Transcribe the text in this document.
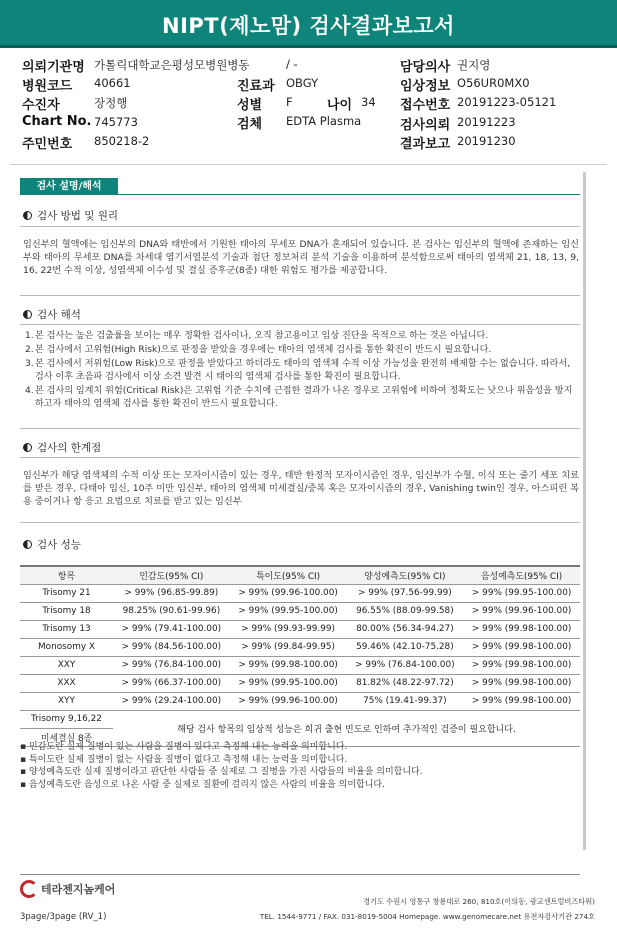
NIPT(제노맘) 검사결과보고서
의뢰기관명 가톨릭대학교은평성모병원병동	/ -	담당의사 권지영
병원코드 40661	진료과 OBGY	임상정보 O56UR0MX0
수진자	장정행	성별 F	나이 34 접수번호 20191223-05121
Chart No. 745773	검체 EDTA Plasma	검사의뢰 20191223
주민번호 850218-2	결과보고 20191230
검사 설명/해석
검사 방법 및 원리
임신부의 혈액에는 임신부의 DNA와 태반에서 기원한 태아의 무세포 DNA가 혼재되어 있습니다. 본 검사는 임신부의 혈액에 존재하는 임신부와 태아의 무세포 DNA를 차세대 염기서열분석 기술과 첨단 정보처리 분석 기술을 이용하여 분석함으로써 태아의 염색체 21, 18, 13, 9, 16, 22번 수적 이상, 성염색체 이수성 및 결실 증후군(8종) 대한 위험도 평가를 제공합니다.
검사 해석
1. 본 검사는 높은 검출률을 보이는 매우 정확한 검사이나, 오직 참고용이고 임상 진단을 목적으로 하는 것은 아닙니다.
2. 본 검사에서 고위험(High Risk)으로 판정을 받았을 경우에는 태아의 염색체 검사를 통한 확진이 반드시 필요합니다.
3. 본 검사에서 저위험(Low Risk)으로 판정을 받았다고 하더라도 태아의 염색체 수적 이상 가능성을 완전히 배제할 수는 없습니다. 따라서, 검사 이후 초음파 검사에서 이상 소견 발견 시 태아의 염색체 검사를 통한 확진이 필요합니다.
4. 본 검사의 임계치 위험(Critical Risk)은 고위험 기준 수치에 근접한 결과가 나온 경우로 고위험에 비하여 정확도는 낮으나 위음성을 방지하고자 태아의 염색체 검사를 통한 확진이 반드시 필요합니다.
검사의 한계점
임신부가 해당 염색체의 수적 이상 또는 모자이시즘이 있는 경우, 태반 한정적 모자이시즘인 경우, 임신부가 수혈, 이식 또는 줄기 세포 치료를 받은 경우, 다태아 임신, 10주 미만 임신부, 태아의 염색체 미세결실/중복 혹은 모자이시즘의 경우, Vanishing twin인 경우, 아스피린 복용 중이거나 항 응고 요법으로 치료를 받고 있는 임신부
검사 성능
항목	민감도(95% CI)	특이도(95% CI)	양성예측도(95% CI)	음성예측도(95% CI)
Trisomy 21	> 99% (96.85-99.89)	> 99% (99.96-100.00)	> 99% (97.56-99.99)	> 99% (99.95-100.00)
Trisomy 18	98.25% (90.61-99.96)	> 99% (99.95-100.00)	96.55% (88.09-99.58)	> 99% (99.96-100.00)
Trisomy 13	> 99% (79.41-100.00)	> 99% (99.93-99.99)	80.00% (56.34-94.27)	> 99% (99.98-100.00)
Monosomy X	> 99% (84.56-100.00)	> 99% (99.84-99.95)	59.46% (42.10-75.28)	> 99% (99.98-100.00)
XXY	> 99% (76.84-100.00)	> 99% (99.98-100.00)	> 99% (76.84-100.00)	> 99% (99.98-100.00)
XXX	> 99% (66.37-100.00)	> 99% (99.95-100.00)	81.82% (48.22-97.72)	> 99% (99.98-100.00)
XYY	> 99% (29.24-100.00)	> 99% (99.96-100.00)	75% (19.41-99.37)	> 99% (99.98-100.00)
Trisomy 9,16,22	해당 검사 항목의 임상적 성능은 희귀 출현 빈도로 인하여 추가적인 검증이 필요합니다.			
미세결실 8종				
▪ 민감도란 실제 질병이 있는 사람을 질병이 있다고 측정해 내는 능력을 의미합니다.
▪ 특이도란 실제 질병이 없는 사람을 질병이 없다고 측정해 내는 능력을 의미합니다.
▪ 양성예측도란 실제 질병이라고 판단한 사람들 중 실제로 그 질병을 가진 사람들의 비율을 의미합니다.
▪ 음성예측도란 음성으로 나온 사람 중 실제로 질환에 걸리지 않은 사람의 비율을 의미합니다.
테라젠지놈케어
3page/3page (RV_1)
경기도 수원시 영통구 창룡대로 260, 810호(이의동, 광교센트럴비즈타워)
TEL. 1544-9771 / FAX. 031-8019-5004 Homepage. www.genomecare.net 유전자검사기관 274호
